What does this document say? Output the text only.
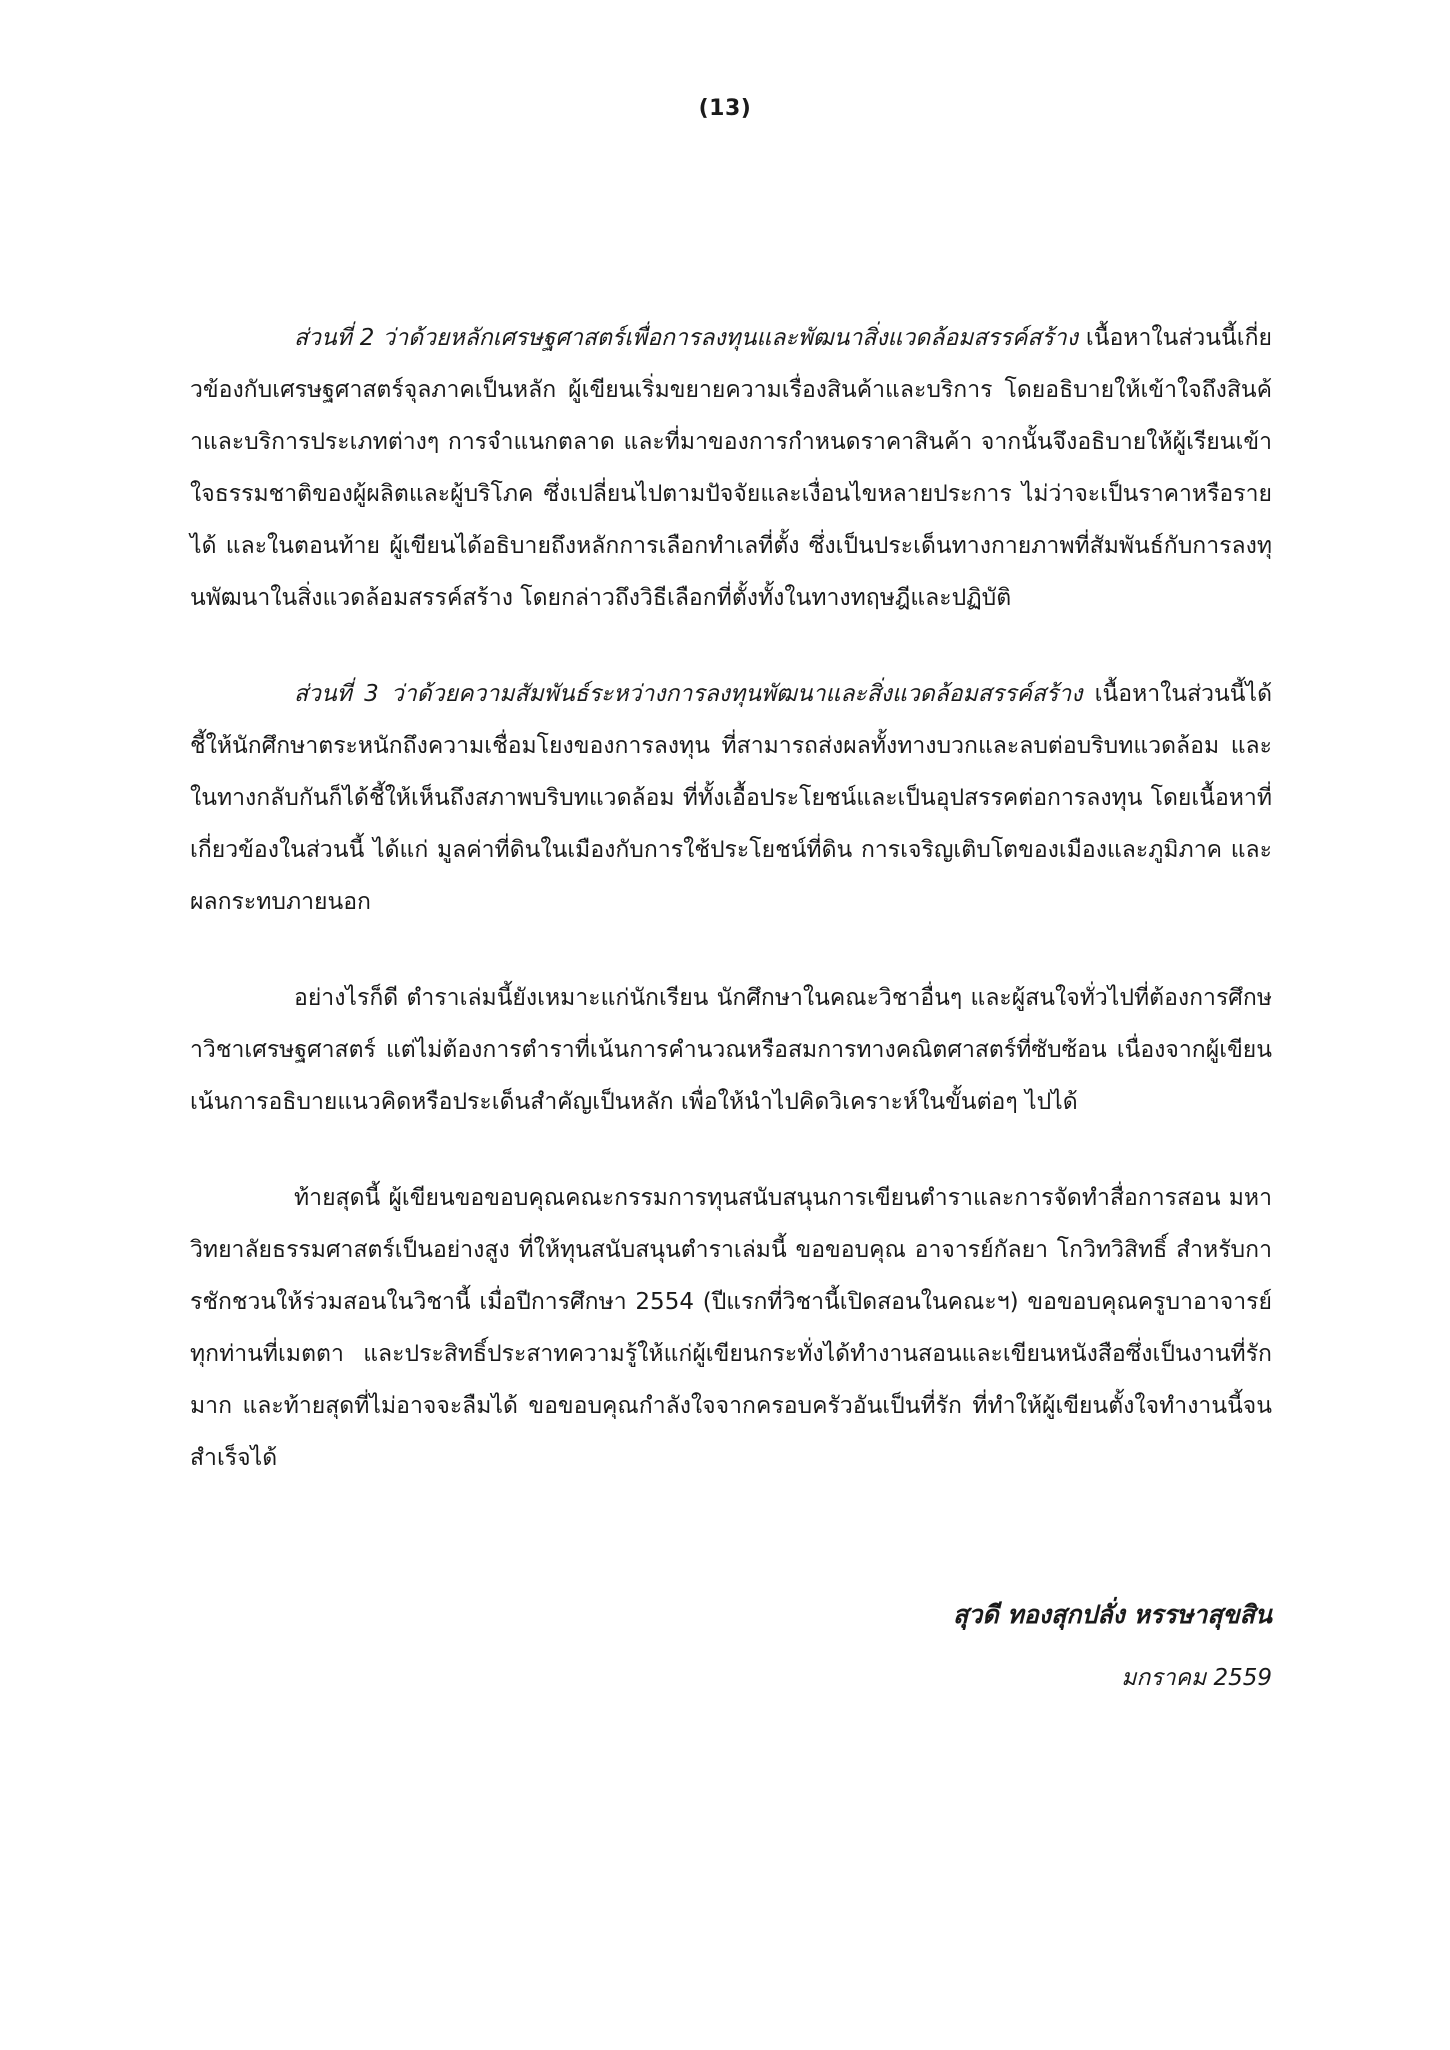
(13)

ส่วนที่ 2 ว่าด้วยหลักเศรษฐศาสตร์เพื่อการลงทุนและพัฒนาสิ่งแวดล้อมสรรค์สร้าง เนื้อหาในส่วนนี้เกี่ยวข้องกับเศรษฐศาสตร์จุลภาคเป็นหลัก ผู้เขียนเริ่มขยายความเรื่องสินค้าและบริการ โดยอธิบายให้เข้าใจถึงสินค้าและบริการประเภทต่างๆ การจำแนกตลาด และที่มาของการกำหนดราคาสินค้า จากนั้นจึงอธิบายให้ผู้เรียนเข้าใจธรรมชาติของผู้ผลิตและผู้บริโภค ซึ่งเปลี่ยนไปตามปัจจัยและเงื่อนไขหลายประการ ไม่ว่าจะเป็นราคาหรือรายได้ และในตอนท้าย ผู้เขียนได้อธิบายถึงหลักการเลือกทำเลที่ตั้ง ซึ่งเป็นประเด็นทางกายภาพที่สัมพันธ์กับการลงทุนพัฒนาในสิ่งแวดล้อมสรรค์สร้าง โดยกล่าวถึงวิธีเลือกที่ตั้งทั้งในทางทฤษฎีและปฏิบัติ

ส่วนที่ 3 ว่าด้วยความสัมพันธ์ระหว่างการลงทุนพัฒนาและสิ่งแวดล้อมสรรค์สร้าง เนื้อหาในส่วนนี้ได้ชี้ให้นักศึกษาตระหนักถึงความเชื่อมโยงของการลงทุน ที่สามารถส่งผลทั้งทางบวกและลบต่อบริบทแวดล้อม และในทางกลับกันก็ได้ชี้ให้เห็นถึงสภาพบริบทแวดล้อม ที่ทั้งเอื้อประโยชน์และเป็นอุปสรรคต่อการลงทุน โดยเนื้อหาที่เกี่ยวข้องในส่วนนี้ ได้แก่ มูลค่าที่ดินในเมืองกับการใช้ประโยชน์ที่ดิน การเจริญเติบโตของเมืองและภูมิภาค และผลกระทบภายนอก

อย่างไรก็ดี ตำราเล่มนี้ยังเหมาะแก่นักเรียน นักศึกษาในคณะวิชาอื่นๆ และผู้สนใจทั่วไปที่ต้องการศึกษาวิชาเศรษฐศาสตร์ แต่ไม่ต้องการตำราที่เน้นการคำนวณหรือสมการทางคณิตศาสตร์ที่ซับซ้อน เนื่องจากผู้เขียนเน้นการอธิบายแนวคิดหรือประเด็นสำคัญเป็นหลัก เพื่อให้นำไปคิดวิเคราะห์ในขั้นต่อๆ ไปได้

ท้ายสุดนี้ ผู้เขียนขอขอบคุณคณะกรรมการทุนสนับสนุนการเขียนตำราและการจัดทำสื่อการสอน มหาวิทยาลัยธรรมศาสตร์เป็นอย่างสูง ที่ให้ทุนสนับสนุนตำราเล่มนี้ ขอขอบคุณ อาจารย์กัลยา โกวิทวิสิทธิ์ สำหรับการชักชวนให้ร่วมสอนในวิชานี้ เมื่อปีการศึกษา 2554 (ปีแรกที่วิชานี้เปิดสอนในคณะฯ) ขอขอบคุณครูบาอาจารย์ทุกท่านที่เมตตา และประสิทธิ์ประสาทความรู้ให้แก่ผู้เขียนกระทั่งได้ทำงานสอนและเขียนหนังสือซึ่งเป็นงานที่รักมาก และท้ายสุดที่ไม่อาจจะลืมได้ ขอขอบคุณกำลังใจจากครอบครัวอันเป็นที่รัก ที่ทำให้ผู้เขียนตั้งใจทำงานนี้จนสำเร็จได้

สุวดี ทองสุกปลั่ง หรรษาสุขสิน
มกราคม 2559
